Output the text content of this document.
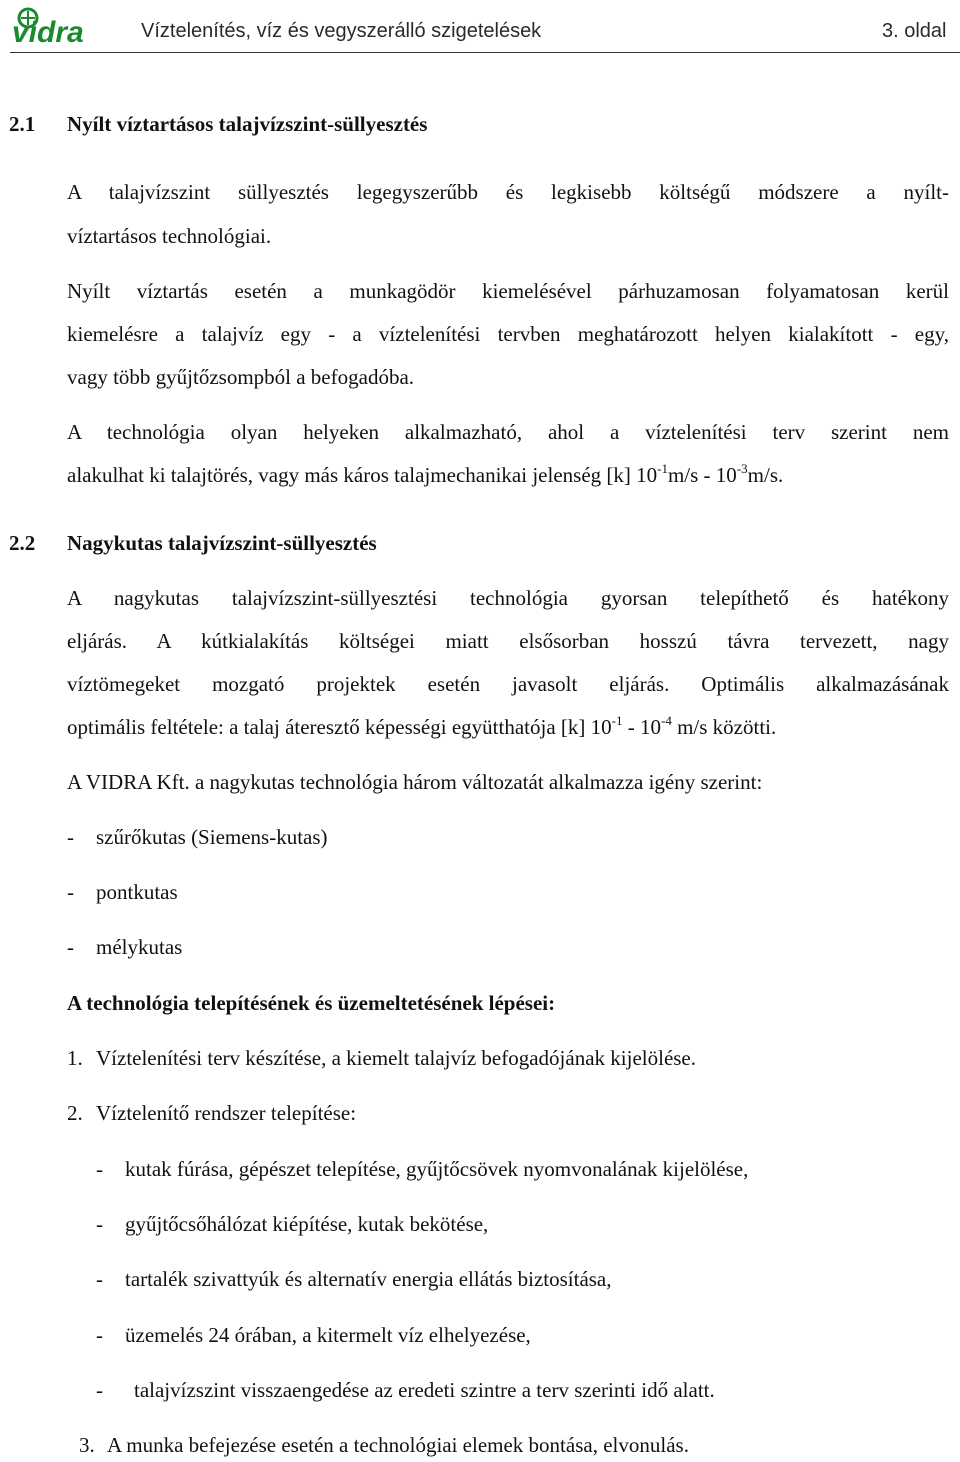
vidra	Víztelenítés, víz és vegyszerálló szigetelések	3. oldal
2.1 Nyílt víztartásos talajvízszint-süllyesztés
A talajvízszint süllyesztés legegyszerűbb és legkisebb költségű módszere a nyílt-
víztartásos technológiai.
Nyílt víztartás esetén a munkagödör kiemelésével párhuzamosan folyamatosan kerül
kiemelésre a talajvíz egy - a víztelenítési tervben meghatározott helyen kialakított - egy,
vagy több gyűjtőzsompból a befogadóba.
A technológia olyan helyeken alkalmazható, ahol a víztelenítési terv szerint nem
alakulhat ki talajtörés, vagy más káros talajmechanikai jelenség [k] $10^{-1}m/s - 10^{-3}m/s$.
2.2 Nagykutas talajvízszint-süllyesztés
A nagykutas talajvízszint-süllyesztési technológia gyorsan telepíthető és hatékony
eljárás. A kútkialakítás költségei miatt elsősorban hosszú távra tervezett, nagy
víztömegeket mozgató projektek esetén javasolt eljárás. Optimális alkalmazásának
optimális feltétele: a talaj áteresztő képességi együtthatója [k] $10^{-1} - 10^{-4}$ m/s közötti.
A VIDRA Kft. a nagykutas technológia három változatát alkalmazza igény szerint:
- szűrőkutas (Siemens-kutas)
- pontkutas
- mélykutas
A technológia telepítésének és üzemeltetésének lépései:
1. Víztelenítési terv készítése, a kiemelt talajvíz befogadójának kijelölése.
2. Víztelenítő rendszer telepítése:
- kutak fúrása, gépészet telepítése, gyűjtőcsövek nyomvonalának kijelölése,
- gyűjtőcsőhálózat kiépítése, kutak bekötése,
- tartalék szivattyúk és alternatív energia ellátás biztosítása,
- üzemelés 24 órában, a kitermelt víz elhelyezése,
- talajvízszint visszaengedése az eredeti szintre a terv szerinti idő alatt.
3. A munka befejezése esetén a technológiai elemek bontása, elvonulás.
